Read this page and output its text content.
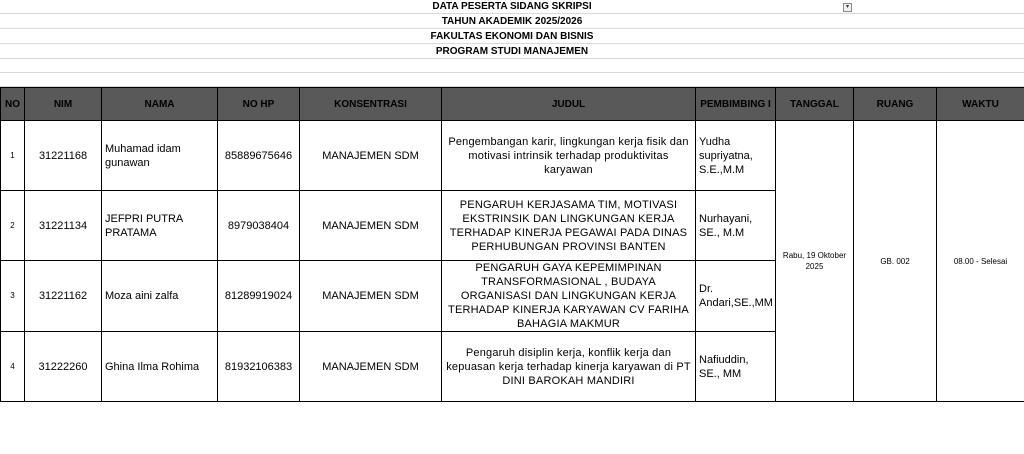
DATA PESERTA SIDANG SKRIPSI	▾
TAHUN AKADEMIK 2025/2026
FAKULTAS EKONOMI DAN BISNIS
PROGRAM STUDI MANAJEMEN
NO	NIM	NAMA	NO HP	KONSENTRASI	JUDUL	PEMBIMBING I	TANGGAL	RUANG	WAKTU
1	31221168	Muhamad idam gunawan	85889675646	MANAJEMEN SDM	Pengembangan karir, lingkungan kerja fisik dan motivasi intrinsik terhadap produktivitas karyawan	Yudha supriyatna, S.E.,M.M	Rabu, 19 Oktober 2025	GB. 002	08.00 - Selesai
2	31221134	JEFPRI PUTRA PRATAMA	8979038404	MANAJEMEN SDM	PENGARUH KERJASAMA TIM, MOTIVASI EKSTRINSIK DAN LINGKUNGAN KERJA TERHADAP KINERJA PEGAWAI PADA DINAS PERHUBUNGAN PROVINSI BANTEN	Nurhayani, SE., M.M			
3	31221162	Moza aini zalfa	81289919024	MANAJEMEN SDM	PENGARUH GAYA KEPEMIMPINAN TRANSFORMASIONAL , BUDAYA ORGANISASI DAN LINGKUNGAN KERJA TERHADAP KINERJA KARYAWAN CV FARIHA BAHAGIA MAKMUR	Dr. Andari,SE.,MM			
4	31222260	Ghina Ilma Rohima	81932106383	MANAJEMEN SDM	Pengaruh disiplin kerja, konflik kerja dan kepuasan kerja terhadap kinerja karyawan di PT DINI BAROKAH MANDIRI	Nafiuddin, SE., MM			
